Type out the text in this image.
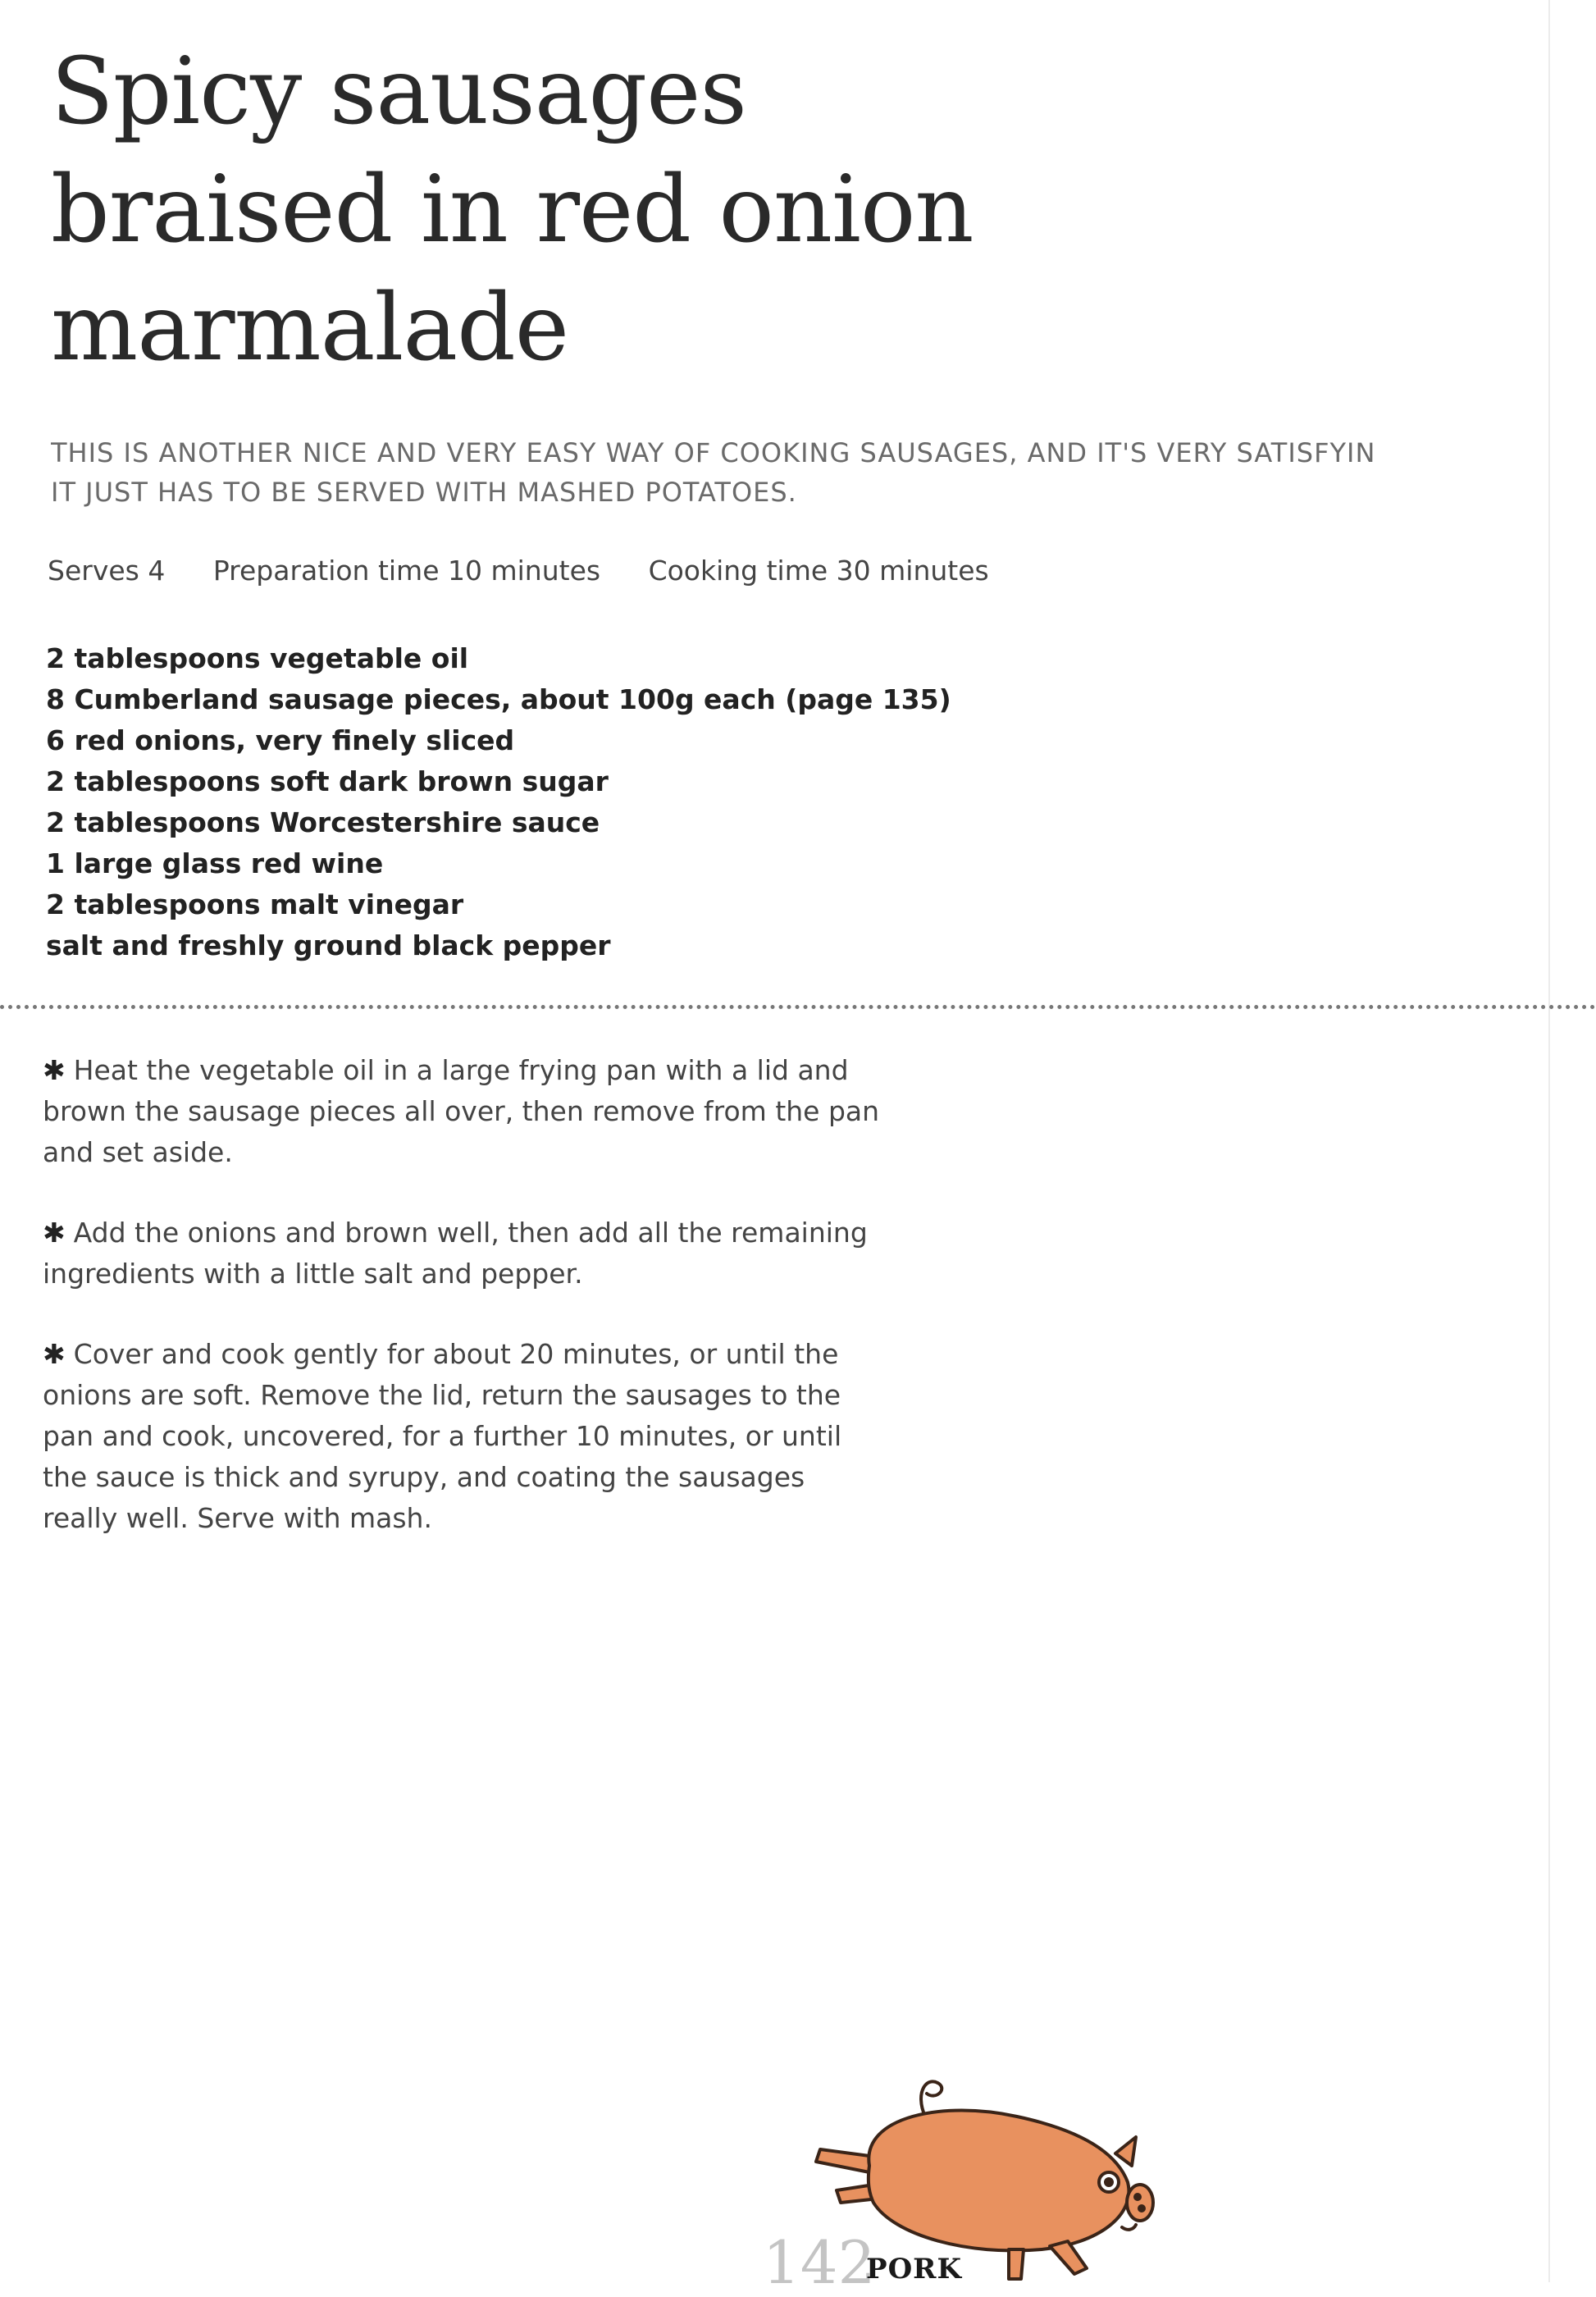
Spicy sausages
braised in red onion
marmalade
THIS IS ANOTHER NICE AND VERY EASY WAY OF COOKING SAUSAGES, AND IT'S VERY SATISFYIN
IT JUST HAS TO BE SERVED WITH MASHED POTATOES.
Serves 4 Preparation time 10 minutes Cooking time 30 minutes
2 tablespoons vegetable oil
8 Cumberland sausage pieces, about 100g each (page 135)
6 red onions, very finely sliced
2 tablespoons soft dark brown sugar
2 tablespoons Worcestershire sauce
1 large glass red wine
2 tablespoons malt vinegar
salt and freshly ground black pepper
✱ Heat the vegetable oil in a large frying pan with a lid and
brown the sausage pieces all over, then remove from the pan
and set aside.
✱ Add the onions and brown well, then add all the remaining
ingredients with a little salt and pepper.
✱ Cover and cook gently for about 20 minutes, or until the
onions are soft. Remove the lid, return the sausages to the
pan and cook, uncovered, for a further 10 minutes, or until
the sauce is thick and syrupy, and coating the sausages
really well. Serve with mash.
142
PORK
